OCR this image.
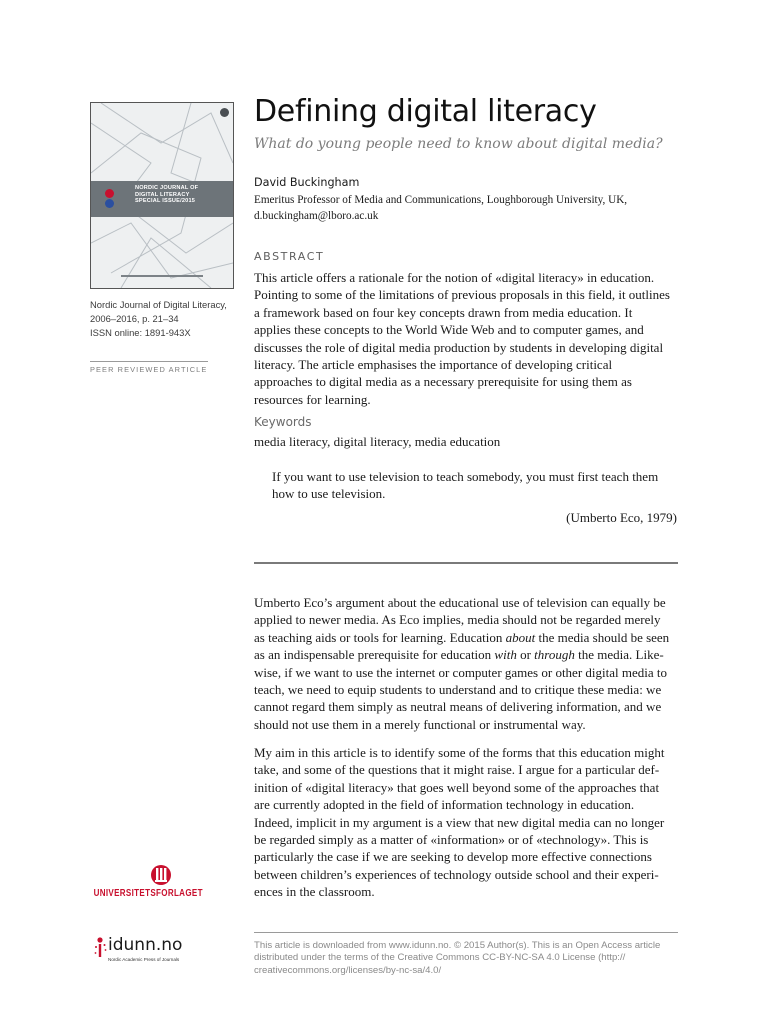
NORDIC JOURNAL OF
DIGITAL LITERACY
SPECIAL ISSUE/2015
Nordic Journal of Digital Literacy,
2006–2016, p. 21–34
ISSN online: 1891-943X
PEER REVIEWED ARTICLE
Defining digital literacy
What do young people need to know about digital media?
David Buckingham
Emeritus Professor of Media and Communications, Loughborough University, UK,
d.buckingham@lboro.ac.uk
ABSTRACT
This article offers a rationale for the notion of «digital literacy» in education.
Pointing to some of the limitations of previous proposals in this field, it outlines
a framework based on four key concepts drawn from media education. It
applies these concepts to the World Wide Web and to computer games, and
discusses the role of digital media production by students in developing digital
literacy. The article emphasises the importance of developing critical
approaches to digital media as a necessary prerequisite for using them as
resources for learning.
Keywords
media literacy, digital literacy, media education
If you want to use television to teach somebody, you must first teach them
how to use television.
(Umberto Eco, 1979)
Umberto Eco’s argument about the educational use of television can equally be
applied to newer media. As Eco implies, media should not be regarded merely
as teaching aids or tools for learning. Education about the media should be seen
as an indispensable prerequisite for education with or through the media. Like-
wise, if we want to use the internet or computer games or other digital media to
teach, we need to equip students to understand and to critique these media: we
cannot regard them simply as neutral means of delivering information, and we
should not use them in a merely functional or instrumental way.
My aim in this article is to identify some of the forms that this education might
take, and some of the questions that it might raise. I argue for a particular def-
inition of «digital literacy» that goes well beyond some of the approaches that
are currently adopted in the field of information technology in education.
Indeed, implicit in my argument is a view that new digital media can no longer
be regarded simply as a matter of «information» or of «technology». This is
particularly the case if we are seeking to develop more effective connections
between children’s experiences of technology outside school and their experi-
ences in the classroom.
UNIVERSITETSFORLAGET
idunn.no
Nordic Academic Press of Journals
This article is downloaded from www.idunn.no. © 2015 Author(s). This is an Open Access article
distributed under the terms of the Creative Commons CC-BY-NC-SA 4.0 License (http://
creativecommons.org/licenses/by-nc-sa/4.0/
